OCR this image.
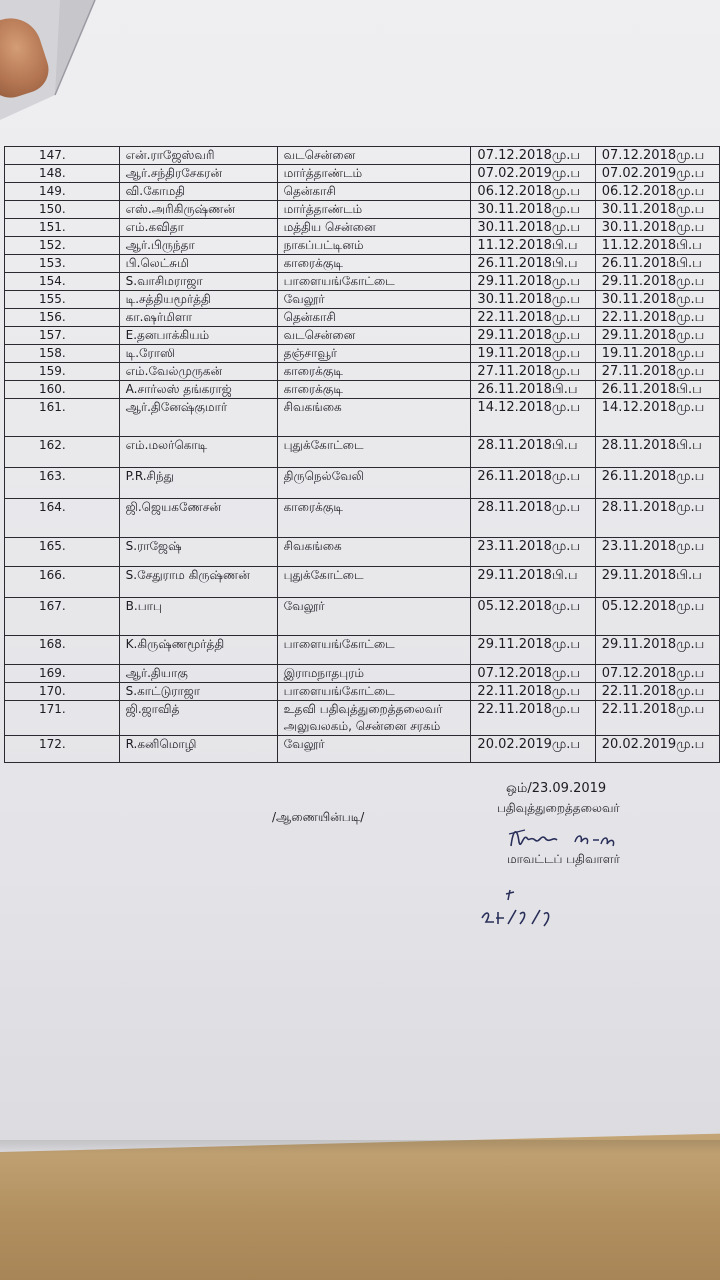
147.	என்.ராஜேஸ்வரி	வடசென்னை	07.12.2018மு.ப	07.12.2018மு.ப
148.	ஆர்.சந்திரசேகரன்	மார்த்தாண்டம்	07.02.2019மு.ப	07.02.2019மு.ப
149.	வி.கோமதி	தென்காசி	06.12.2018மு.ப	06.12.2018மு.ப
150.	எஸ்.அரிகிருஷ்ணன்	மார்த்தாண்டம்	30.11.2018மு.ப	30.11.2018மு.ப
151.	எம்.கவிதா	மத்திய சென்னை	30.11.2018மு.ப	30.11.2018மு.ப
152.	ஆர்.பிருந்தா	நாகப்பட்டினம்	11.12.2018பி.ப	11.12.2018பி.ப
153.	பி.லெட்சுமி	காரைக்குடி	26.11.2018பி.ப	26.11.2018பி.ப
154.	S.வாசிமராஜா	பாளையங்கோட்டை	29.11.2018மு.ப	29.11.2018மு.ப
155.	டி.சத்தியமூர்த்தி	வேலூர்	30.11.2018மு.ப	30.11.2018மு.ப
156.	கா.ஷர்மிளா	தென்காசி	22.11.2018மு.ப	22.11.2018மு.ப
157.	E.தனபாக்கியம்	வடசென்னை	29.11.2018மு.ப	29.11.2018மு.ப
158.	டி.ரோஸி	தஞ்சாவூர்	19.11.2018மு.ப	19.11.2018மு.ப
159.	எம்.வேல்முருகன்	காரைக்குடி	27.11.2018மு.ப	27.11.2018மு.ப
160.	A.சார்லஸ் தங்கராஜ்	காரைக்குடி	26.11.2018பி.ப	26.11.2018பி.ப
161.	ஆர்.தினேஷ்குமார்	சிவகங்கை	14.12.2018மு.ப	14.12.2018மு.ப
162.	எம்.மலர்கொடி	புதுக்கோட்டை	28.11.2018பி.ப	28.11.2018பி.ப
163.	P.R.சிந்து	திருநெல்வேலி	26.11.2018மு.ப	26.11.2018மு.ப
164.	ஜி.ஜெயகணேசன்	காரைக்குடி	28.11.2018மு.ப	28.11.2018மு.ப
165.	S.ராஜேஷ்	சிவகங்கை	23.11.2018மு.ப	23.11.2018மு.ப
166.	S.சேதுராம கிருஷ்ணன்	புதுக்கோட்டை	29.11.2018பி.ப	29.11.2018பி.ப
167.	B.பாபு	வேலூர்	05.12.2018மு.ப	05.12.2018மு.ப
168.	K.கிருஷ்ணமூர்த்தி	பாளையங்கோட்டை	29.11.2018மு.ப	29.11.2018மு.ப
169.	ஆர்.தியாகு	இராமநாதபுரம்	07.12.2018மு.ப	07.12.2018மு.ப
170.	S.காட்டுராஜா	பாளையங்கோட்டை	22.11.2018மு.ப	22.11.2018மு.ப
171.	ஜி.ஜாவித்	உதவி பதிவுத்துறைத்தலைவர் அலுவலகம், சென்னை சரகம்	22.11.2018மு.ப	22.11.2018மு.ப
172.	R.கனிமொழி	வேலூர்	20.02.2019மு.ப	20.02.2019மு.ப
ஒம்/23.09.2019
பதிவுத்துறைத்தலைவர்
/ஆணையின்படி/
மாவட்டப் பதிவாளர்
